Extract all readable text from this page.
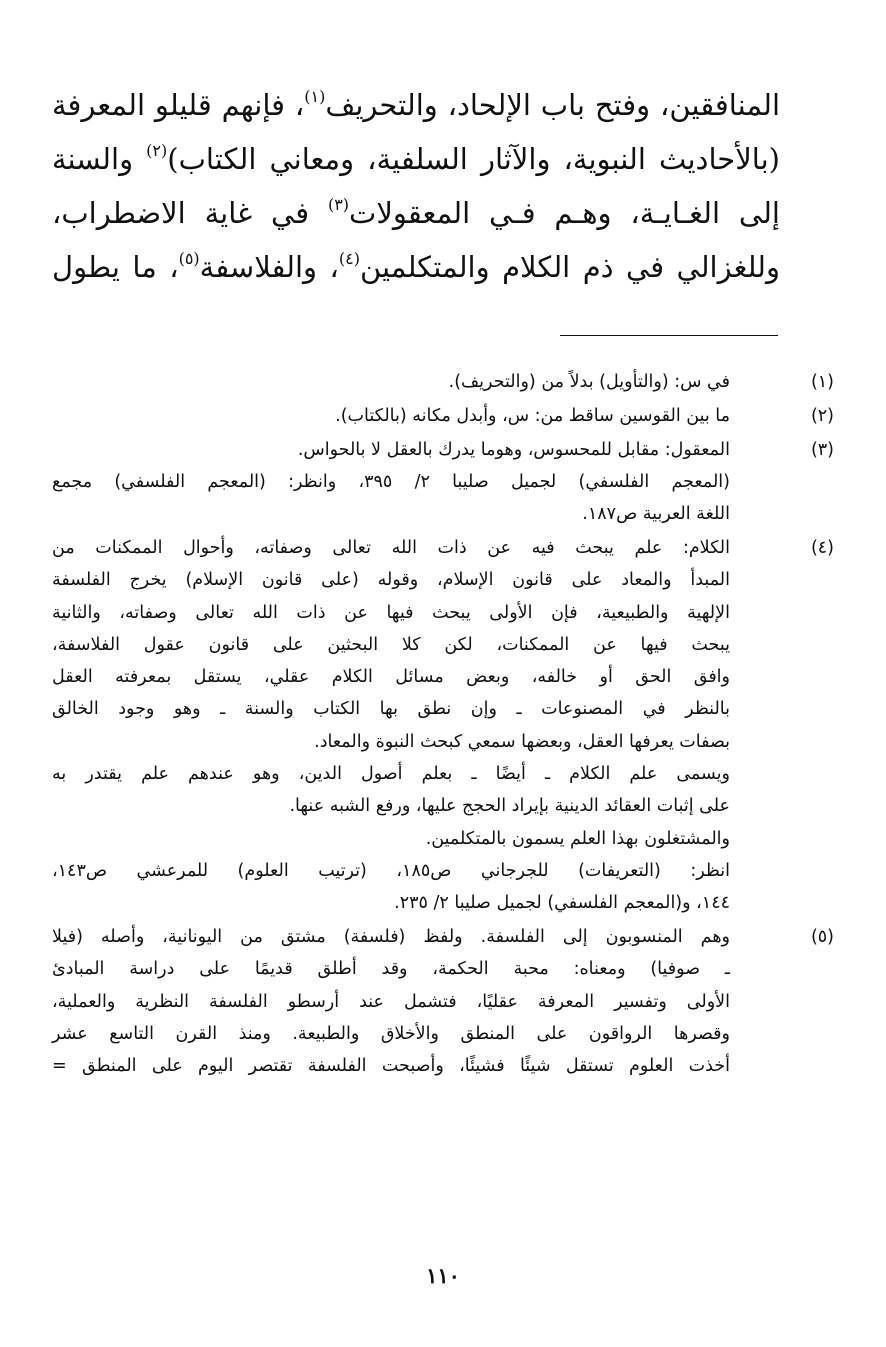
المنافقين، وفتح باب الإلحاد، والتحريف$^{(١)}$، فإنهم قليلو المعرفة
(بالأحاديث النبوية، والآثار السلفية، ومعاني الكتاب)$^{(٢)}$ والسنة
إلى الغـايـة، وهـم فـي المعقولات$^{(٣)}$ في غاية الاضطراب،
وللغزالي في ذم الكلام والمتكلمين$^{(٤)}$، والفلاسفة$^{(٥)}$، ما يطول
(١)
في س: (والتأويل) بدلاً من (والتحريف).
(٢)
ما بين القوسين ساقط من: س، وأبدل مكانه (بالكتاب).
(٣)
المعقول: مقابل للمحسوس، وهوما يدرك بالعقل لا بالحواس.
(المعجم الفلسفي) لجميل صليبا ٢/ ٣٩٥، وانظر: (المعجم الفلسفي) مجمع
اللغة العربية ص١٨٧.
(٤)
الكلام: علم يبحث فيه عن ذات الله تعالى وصفاته، وأحوال الممكنات من
المبدأ والمعاد على قانون الإسلام، وقوله (على قانون الإسلام) يخرج الفلسفة
الإلهية والطبيعية، فإن الأولى يبحث فيها عن ذات الله تعالى وصفاته، والثانية
يبحث فيها عن الممكنات، لكن كلا البحثين على قانون عقول الفلاسفة،
وافق الحق أو خالفه، وبعض مسائل الكلام عقلي، يستقل بمعرفته العقل
بالنظر في المصنوعات ـ وإن نطق بها الكتاب والسنة ـ وهو وجود الخالق
بصفات يعرفها العقل، وبعضها سمعي كبحث النبوة والمعاد.
ويسمى علم الكلام ـ أيضًا ـ بعلم أصول الدين، وهو عندهم علم يقتدر به
على إثبات العقائد الدينية بإيراد الحجج عليها، ورفع الشبه عنها.
والمشتغلون بهذا العلم يسمون بالمتكلمين.
انظر: (التعريفات) للجرجاني ص١٨٥، (ترتيب العلوم) للمرعشي ص١٤٣،
١٤٤، و(المعجم الفلسفي) لجميل صليبا ٢/ ٢٣٥.
(٥)
وهم المنسوبون إلى الفلسفة. ولفظ (فلسفة) مشتق من اليونانية، وأصله (فيلا
ـ صوفيا) ومعناه: محبة الحكمة، وقد أطلق قديمًا على دراسة المبادئ
الأولى وتفسير المعرفة عقليًا، فتشمل عند أرسطو الفلسفة النظرية والعملية،
وقصرها الرواقون على المنطق والأخلاق والطبيعة. ومنذ القرن التاسع عشر
أخذت العلوم تستقل شيئًا فشيئًا، وأصبحت الفلسفة تقتصر اليوم على المنطق =
١١٠
